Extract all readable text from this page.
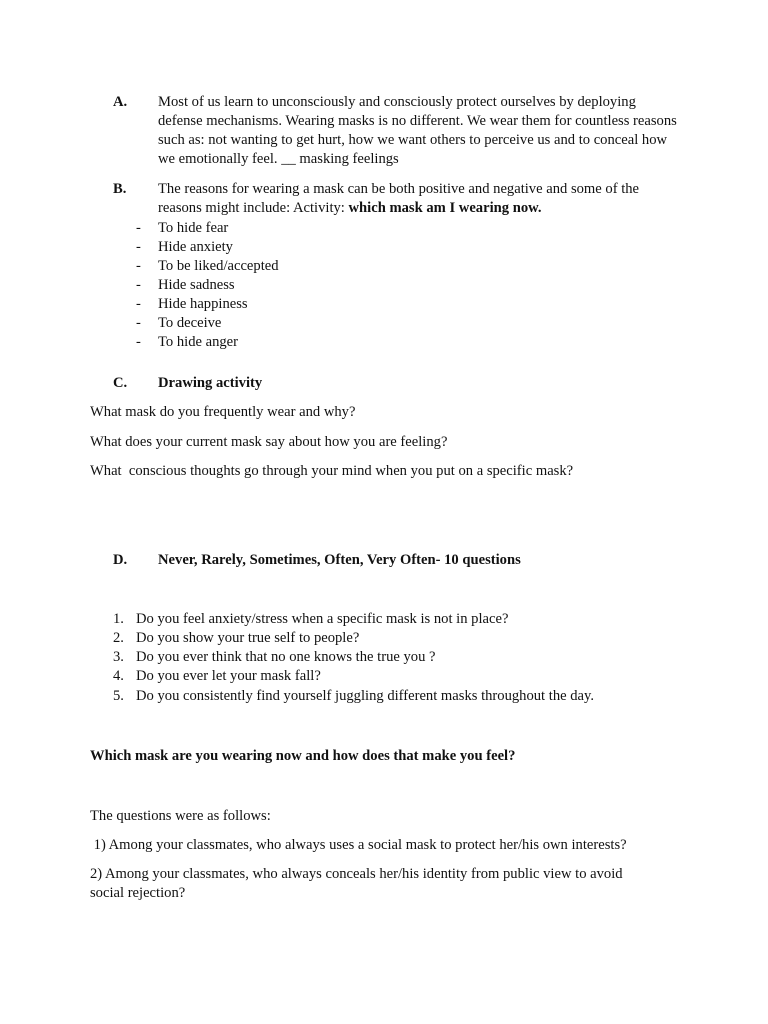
A.	Most of us learn to unconsciously and consciously protect ourselves by deploying
defense mechanisms. Wearing masks is no different. We wear them for countless reasons
such as: not wanting to get hurt, how we want others to perceive us and to conceal how
we emotionally feel. __ masking feelings
B.	The reasons for wearing a mask can be both positive and negative and some of the
reasons might include: Activity: which mask am I wearing now.
-	To hide fear
-	Hide anxiety
-	To be liked/accepted
-	Hide sadness
-	Hide happiness
-	To deceive
-	To hide anger
C.	Drawing activity
What mask do you frequently wear and why?
What does your current mask say about how you are feeling?
What  conscious thoughts go through your mind when you put on a specific mask?
D.	Never, Rarely, Sometimes, Often, Very Often- 10 questions
1. Do you feel anxiety/stress when a specific mask is not in place?
2. Do you show your true self to people?
3. Do you ever think that no one knows the true you ?
4. Do you ever let your mask fall?
5. Do you consistently find yourself juggling different masks throughout the day.
Which mask are you wearing now and how does that make you feel?
The questions were as follows:
1) Among your classmates, who always uses a social mask to protect her/his own interests?
2) Among your classmates, who always conceals her/his identity from public view to avoid
social rejection?
